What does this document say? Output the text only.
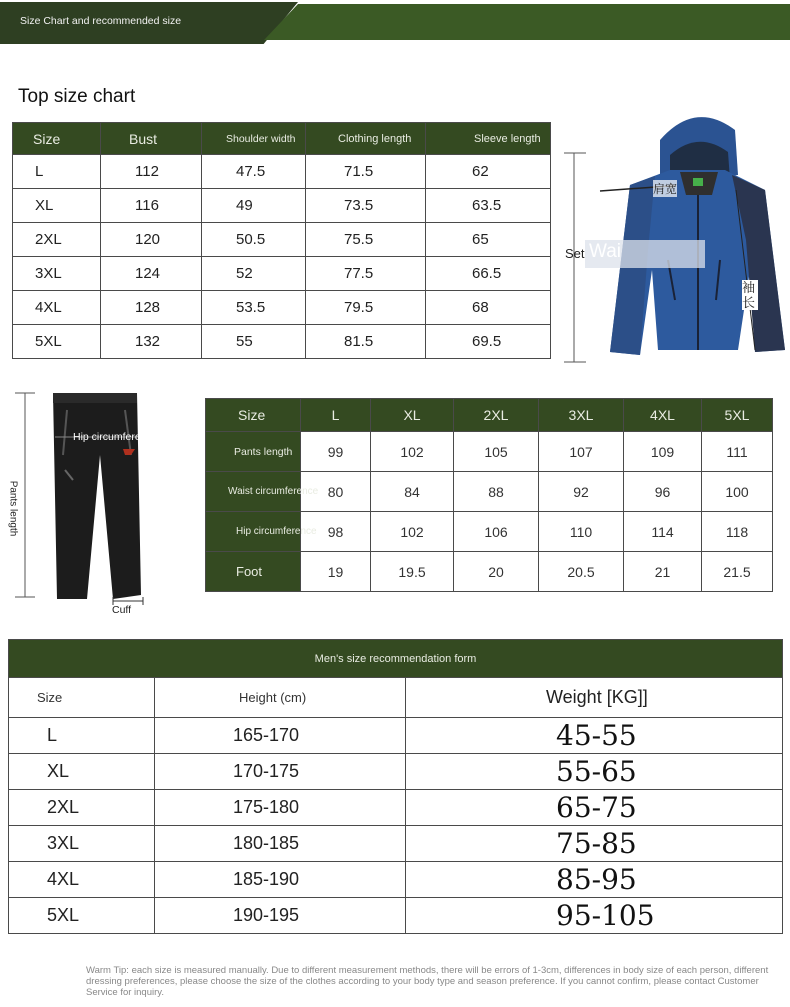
Size Chart and recommended size
Top size chart
Size	Bust	Shoulder width	Clothing length	Sleeve length
L	112	47.5	71.5	62
XL	116	49	73.5	63.5
2XL	120	50.5	75.5	65
3XL	124	52	77.5	66.5
4XL	128	53.5	79.5	68
5XL	132	55	81.5	69.5
肩宽
Set Wai
袖长
Hip circumference
Pants length
Cuff
Size	L	XL	2XL	3XL	4XL	5XL
Pants length	99	102	105	107	109	111
Waist circumference	80	84	88	92	96	100
Hip circumference	98	102	106	110	114	118
Foot	19	19.5	20	20.5	21	21.5
Men's size recommendation form		
Size	Height (cm)	Weight [KG]]
L	165-170	45-55
XL	170-175	55-65
2XL	175-180	65-75
3XL	180-185	75-85
4XL	185-190	85-95
5XL	190-195	95-105
Warm Tip: each size is measured manually. Due to different measurement methods, there will be errors of 1-3cm, differences in body size of each person, different dressing preferences, please choose the size of the clothes according to your body type and season preference. If you cannot confirm, please contact Customer Service for inquiry.
